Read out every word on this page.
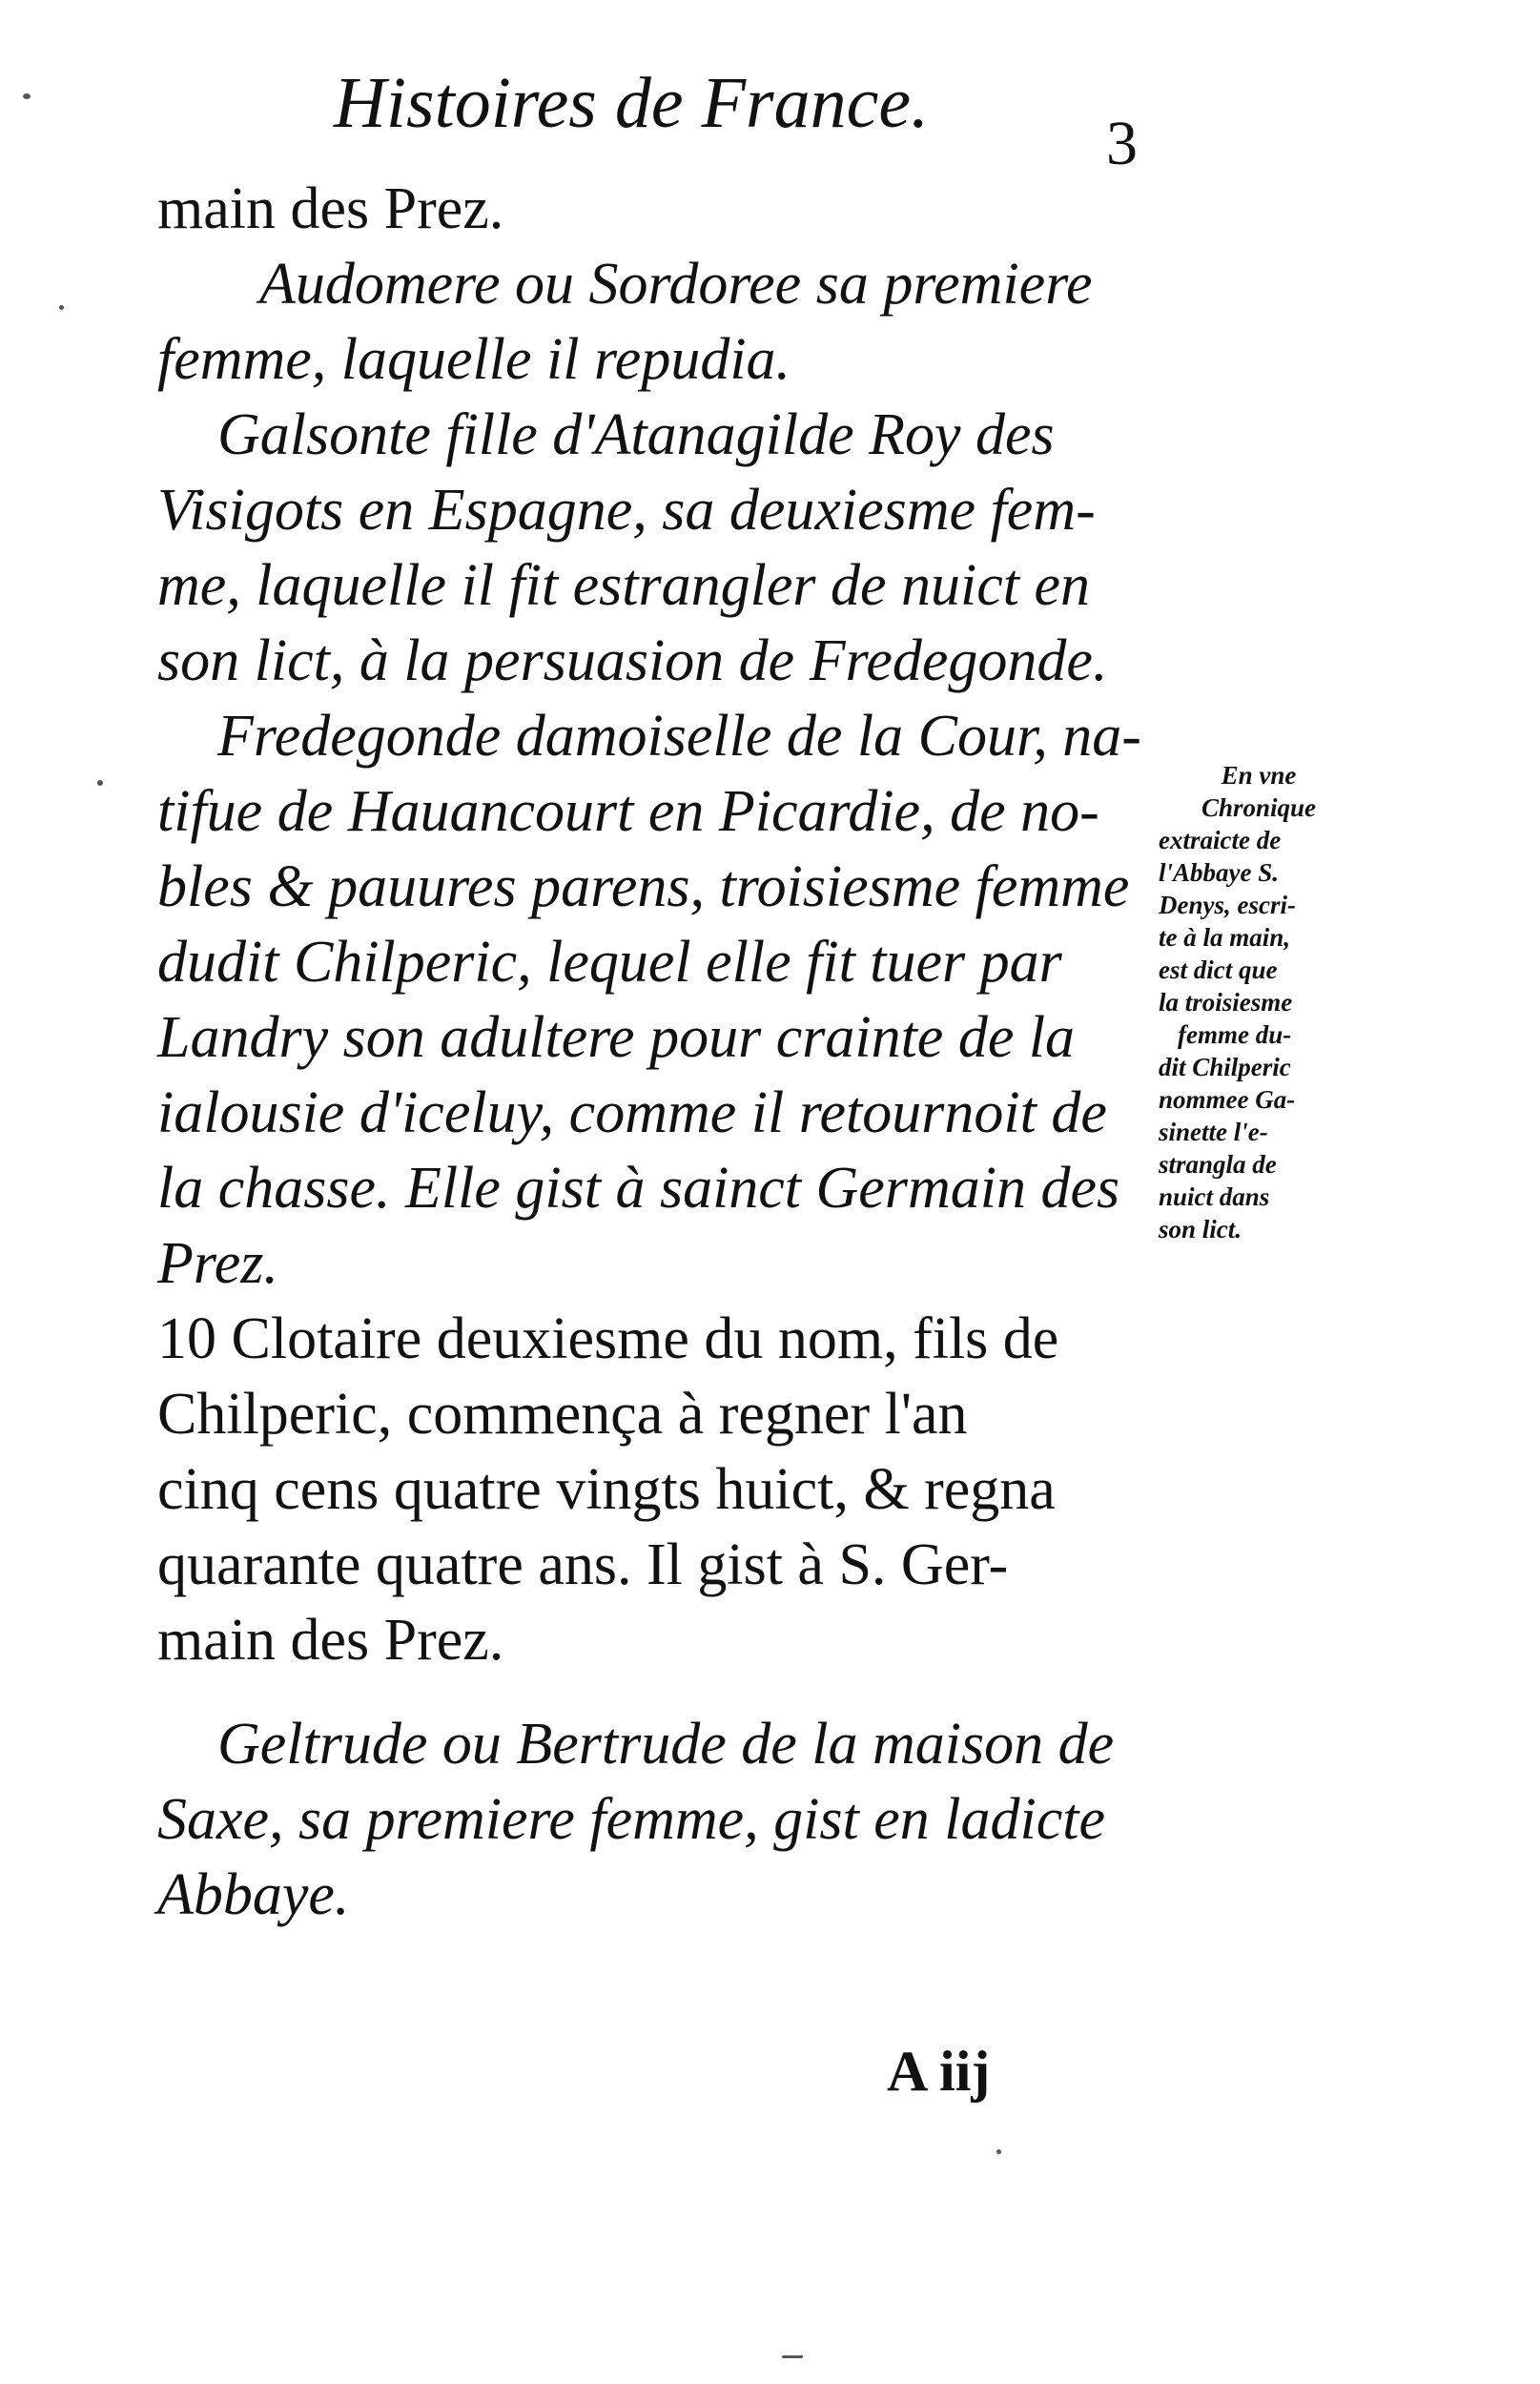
Histoires de France.
3
main des Prez.
Audomere ou Sordoree sa premiere
femme, laquelle il repudia.
Galsonte fille d'Atanagilde Roy des
Visigots en Espagne, sa deuxiesme fem-
me, laquelle il fit estrangler de nuict en
son lict, à la persuasion de Fredegonde.
Fredegonde damoiselle de la Cour, na-
tifue de Hauancourt en Picardie, de no-
bles & pauures parens, troisiesme femme
dudit Chilperic, lequel elle fit tuer par
Landry son adultere pour crainte de la
ialousie d'iceluy, comme il retournoit de
la chasse. Elle gist à sainct Germain des
Prez.
10 Clotaire deuxiesme du nom, fils de
Chilperic, commença à regner l'an
cinq cens quatre vingts huict, & regna
quarante quatre ans. Il gist à S. Ger-
main des Prez.
Geltrude ou Bertrude de la maison de
Saxe, sa premiere femme, gist en ladicte
Abbaye.
En vne
Chronique
extraicte de
l'Abbaye S.
Denys, escri-
te à la main,
est dict que
la troisiesme
femme du-
dit Chilperic
nommee Ga-
sinette l'e-
strangla de
nuict dans
son lict.
A iij
